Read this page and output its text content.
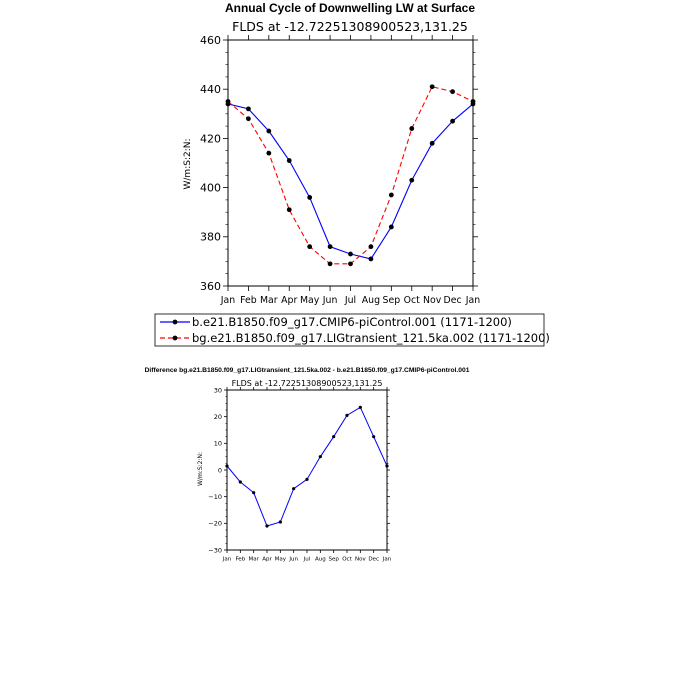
Annual Cycle of Downwelling LW at Surface
FLDS at -12.72251308900523,131.25
W/m:S:2:N:
360
380
400
420
440
460
Jan Feb Mar Apr May Jun Jul Aug Sep Oct Nov Dec Jan
b.e21.B1850.f09_g17.CMIP6-piControl.001 (1171-1200)
bg.e21.B1850.f09_g17.LIGtransient_121.5ka.002 (1171-1200)
Difference bg.e21.B1850.f09_g17.LIGtransient_121.5ka.002 - b.e21.B1850.f09_g17.CMIP6-piControl.001
FLDS at -12.72251308900523,131.25
W/m:S:2:N:
−30
−20
−10
0
10
20
30
Jan Feb Mar Apr May Jun Jul Aug Sep Oct Nov Dec Jan
